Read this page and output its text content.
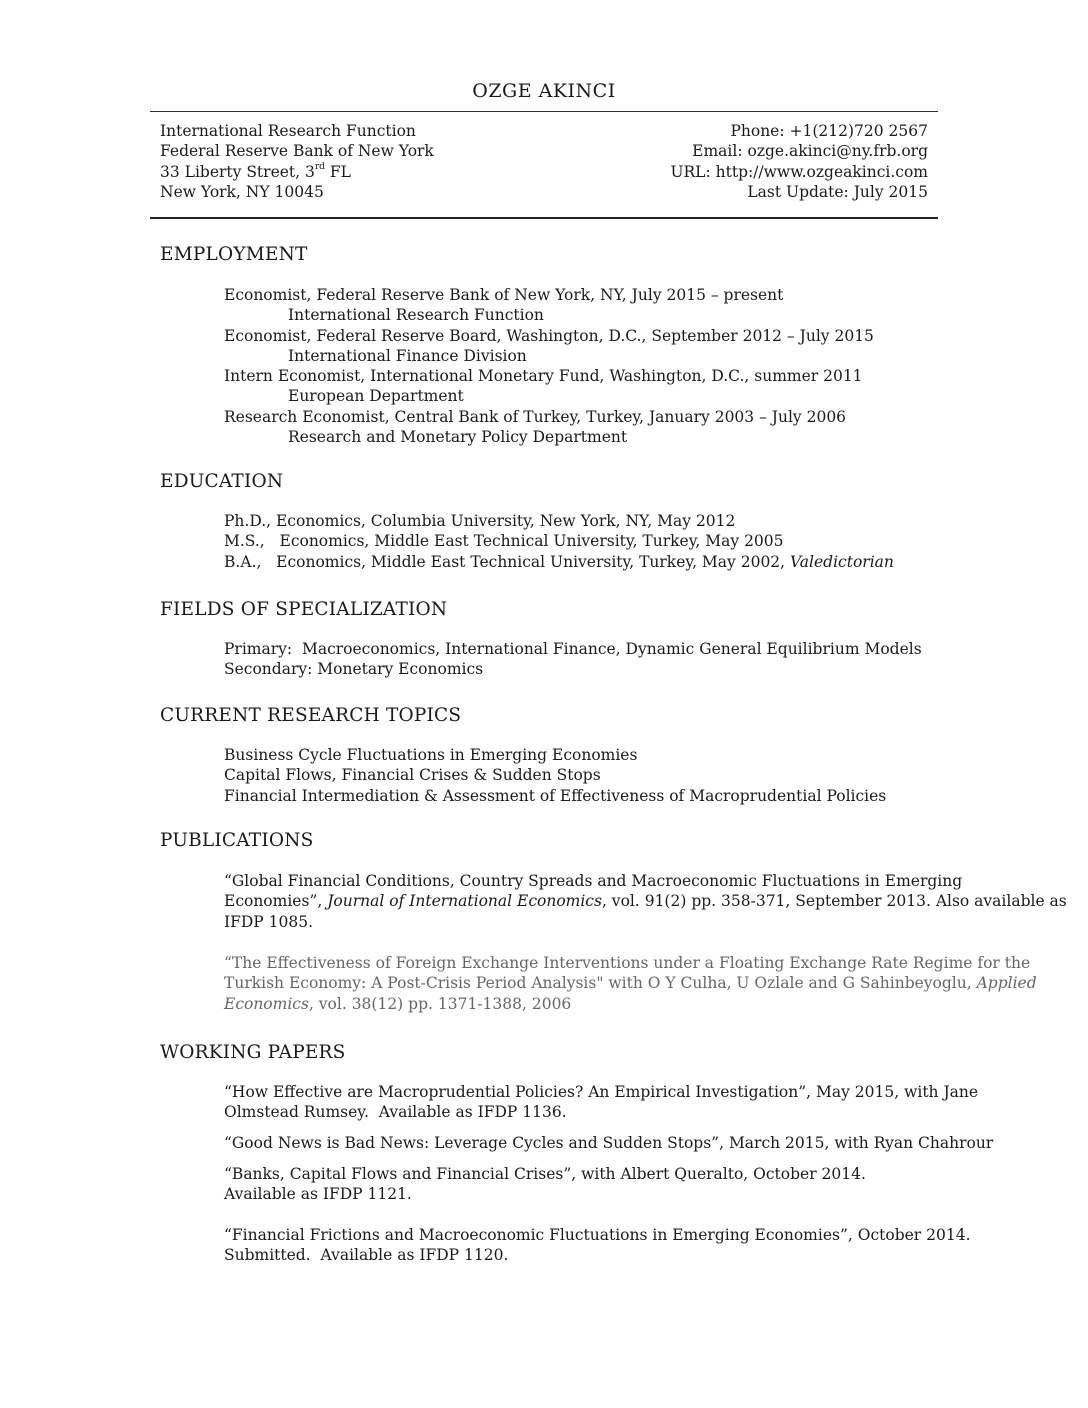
OZGE AKINCI
International Research Function
Federal Reserve Bank of New York
33 Liberty Street, 3rd FL
New York, NY 10045
Phone: +1(212)720 2567
Email: ozge.akinci@ny.frb.org
URL: http://www.ozgeakinci.com
Last Update: July 2015
EMPLOYMENT
Economist, Federal Reserve Bank of New York, NY, July 2015 – present
International Research Function
Economist, Federal Reserve Board, Washington, D.C., September 2012 – July 2015
International Finance Division
Intern Economist, International Monetary Fund, Washington, D.C., summer 2011
European Department
Research Economist, Central Bank of Turkey, Turkey, January 2003 – July 2006
Research and Monetary Policy Department
EDUCATION
Ph.D., Economics, Columbia University, New York, NY, May 2012
M.S.,   Economics, Middle East Technical University, Turkey, May 2005
B.A.,   Economics, Middle East Technical University, Turkey, May 2002, Valedictorian
FIELDS OF SPECIALIZATION
Primary:  Macroeconomics, International Finance, Dynamic General Equilibrium Models
Secondary: Monetary Economics
CURRENT RESEARCH TOPICS
Business Cycle Fluctuations in Emerging Economies
Capital Flows, Financial Crises & Sudden Stops
Financial Intermediation & Assessment of Effectiveness of Macroprudential Policies
PUBLICATIONS
“Global Financial Conditions, Country Spreads and Macroeconomic Fluctuations in Emerging
Economies”, Journal of International Economics, vol. 91(2) pp. 358-371, September 2013. Also available as
IFDP 1085.
“The Effectiveness of Foreign Exchange Interventions under a Floating Exchange Rate Regime for the
Turkish Economy: A Post-Crisis Period Analysis" with O Y Culha, U Ozlale and G Sahinbeyoglu, Applied
Economics, vol. 38(12) pp. 1371-1388, 2006
WORKING PAPERS
“How Effective are Macroprudential Policies? An Empirical Investigation”, May 2015, with Jane
Olmstead Rumsey.  Available as IFDP 1136.
“Good News is Bad News: Leverage Cycles and Sudden Stops”, March 2015, with Ryan Chahrour
“Banks, Capital Flows and Financial Crises”, with Albert Queralto, October 2014.
Available as IFDP 1121.
“Financial Frictions and Macroeconomic Fluctuations in Emerging Economies”, October 2014.
Submitted.  Available as IFDP 1120.
